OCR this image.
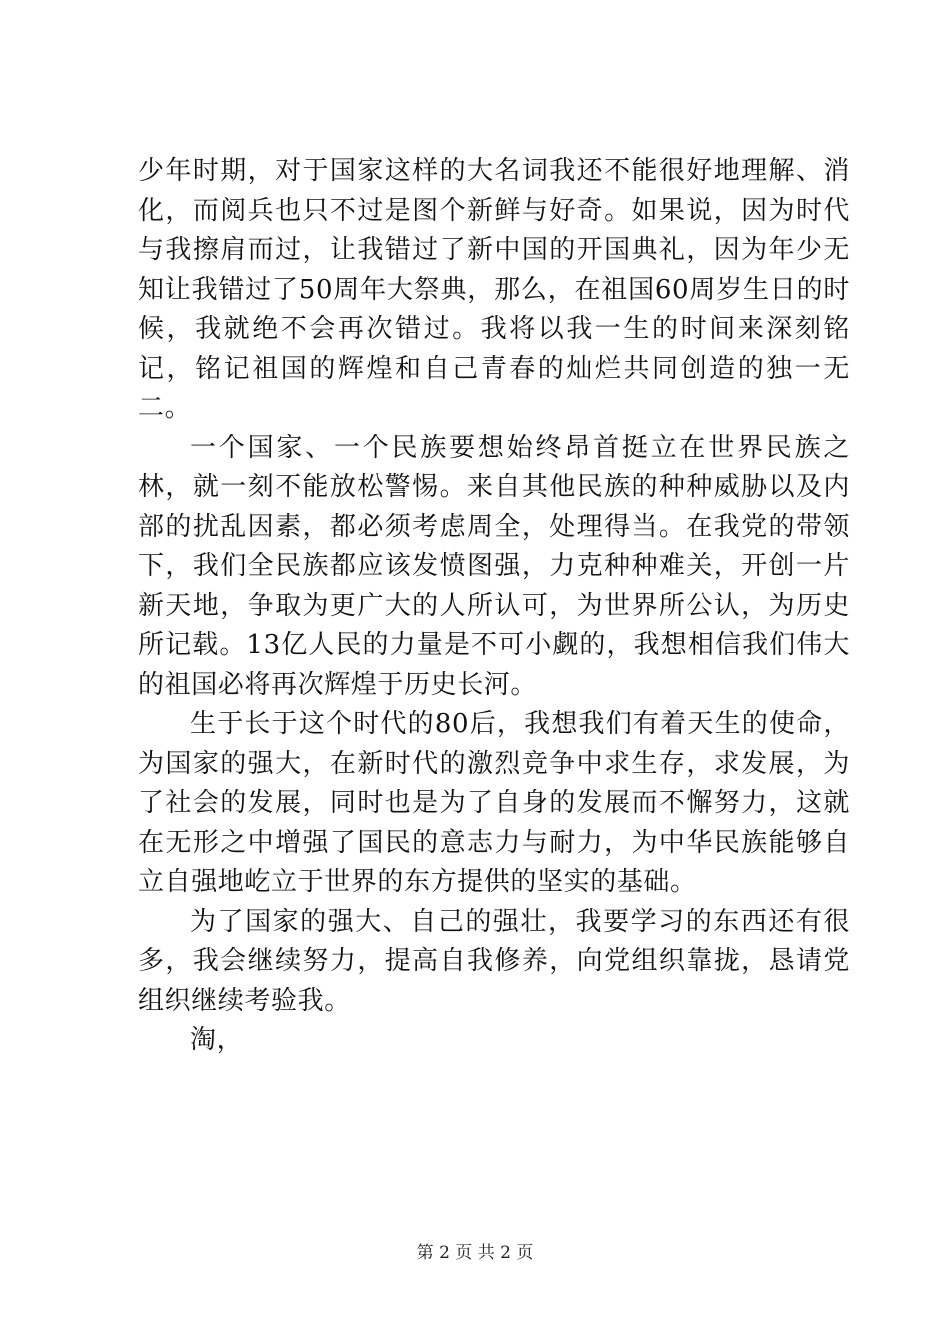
少年时期，对于国家这样的大名词我还不能很好地理解、消化，而阅兵也只不过是图个新鲜与好奇。如果说，因为时代与我擦肩而过，让我错过了新中国的开国典礼，因为年少无知让我错过了50周年大祭典，那么，在祖国60周岁生日的时候，我就绝不会再次错过。我将以我一生的时间来深刻铭记，铭记祖国的辉煌和自己青春的灿烂共同创造的独一无二。

一个国家、一个民族要想始终昂首挺立在世界民族之林，就一刻不能放松警惕。来自其他民族的种种威胁以及内部的扰乱因素，都必须考虑周全，处理得当。在我党的带领下，我们全民族都应该发愤图强，力克种种难关，开创一片新天地，争取为更广大的人所认可，为世界所公认，为历史所记载。13亿人民的力量是不可小觑的，我想相信我们伟大的祖国必将再次辉煌于历史长河。

生于长于这个时代的80后，我想我们有着天生的使命，为国家的强大，在新时代的激烈竞争中求生存，求发展，为了社会的发展，同时也是为了自身的发展而不懈努力，这就在无形之中增强了国民的意志力与耐力，为中华民族能够自立自强地屹立于世界的东方提供的坚实的基础。

为了国家的强大、自己的强壮，我要学习的东西还有很多，我会继续努力，提高自我修养，向党组织靠拢，恳请党组织继续考验我。

淘，

第 2 页 共 2 页
